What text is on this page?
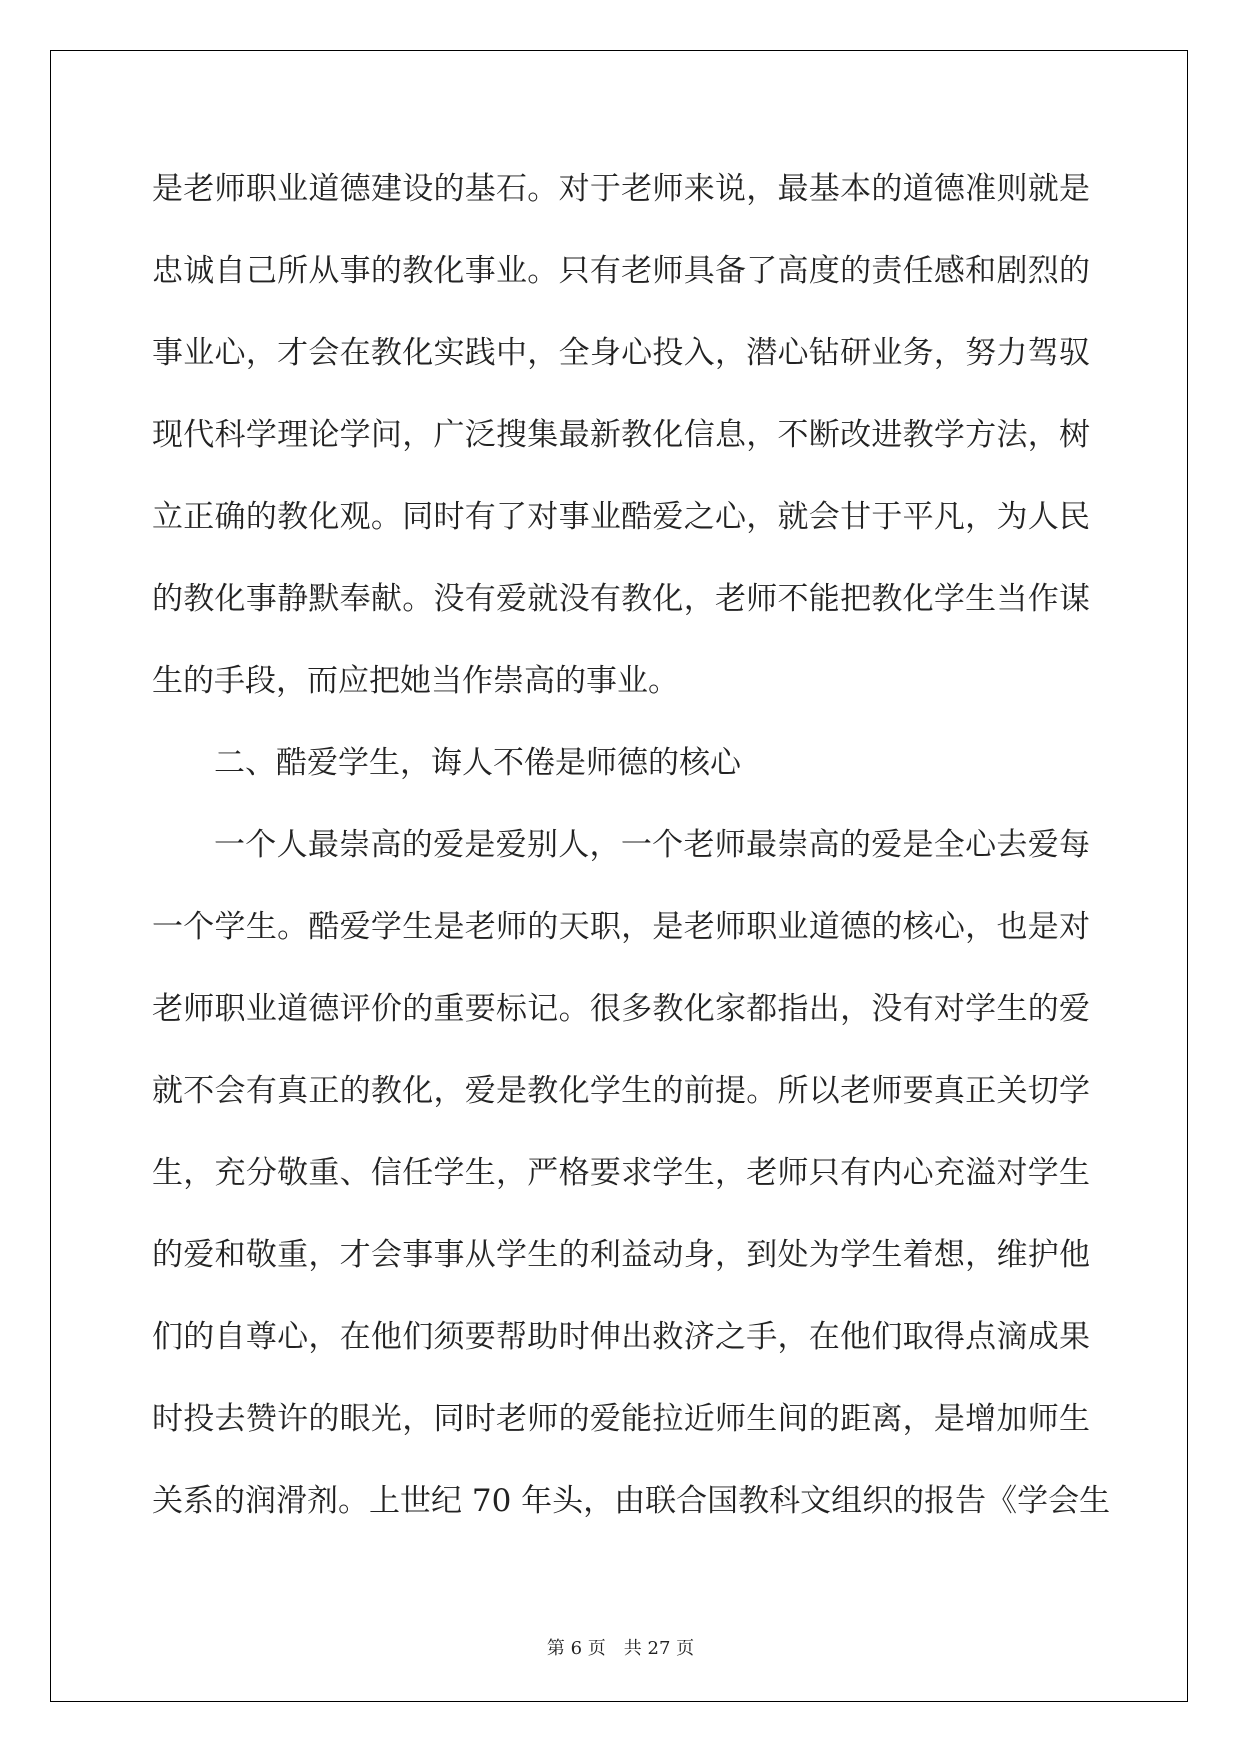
是老师职业道德建设的基石。对于老师来说，最基本的道德准则就是
忠诚自己所从事的教化事业。只有老师具备了高度的责任感和剧烈的
事业心，才会在教化实践中，全身心投入，潜心钻研业务，努力驾驭
现代科学理论学问，广泛搜集最新教化信息，不断改进教学方法，树
立正确的教化观。同时有了对事业酷爱之心，就会甘于平凡，为人民
的教化事静默奉献。没有爱就没有教化，老师不能把教化学生当作谋
生的手段，而应把她当作崇高的事业。
二、酷爱学生，诲人不倦是师德的核心
一个人最崇高的爱是爱别人，一个老师最崇高的爱是全心去爱每
一个学生。酷爱学生是老师的天职，是老师职业道德的核心，也是对
老师职业道德评价的重要标记。很多教化家都指出，没有对学生的爱
就不会有真正的教化，爱是教化学生的前提。所以老师要真正关切学
生，充分敬重、信任学生，严格要求学生，老师只有内心充溢对学生
的爱和敬重，才会事事从学生的利益动身，到处为学生着想，维护他
们的自尊心，在他们须要帮助时伸出救济之手，在他们取得点滴成果
时投去赞许的眼光，同时老师的爱能拉近师生间的距离，是增加师生
关系的润滑剂。上世纪 70 年头，由联合国教科文组织的报告《学会生
第 6 页 共 27 页
